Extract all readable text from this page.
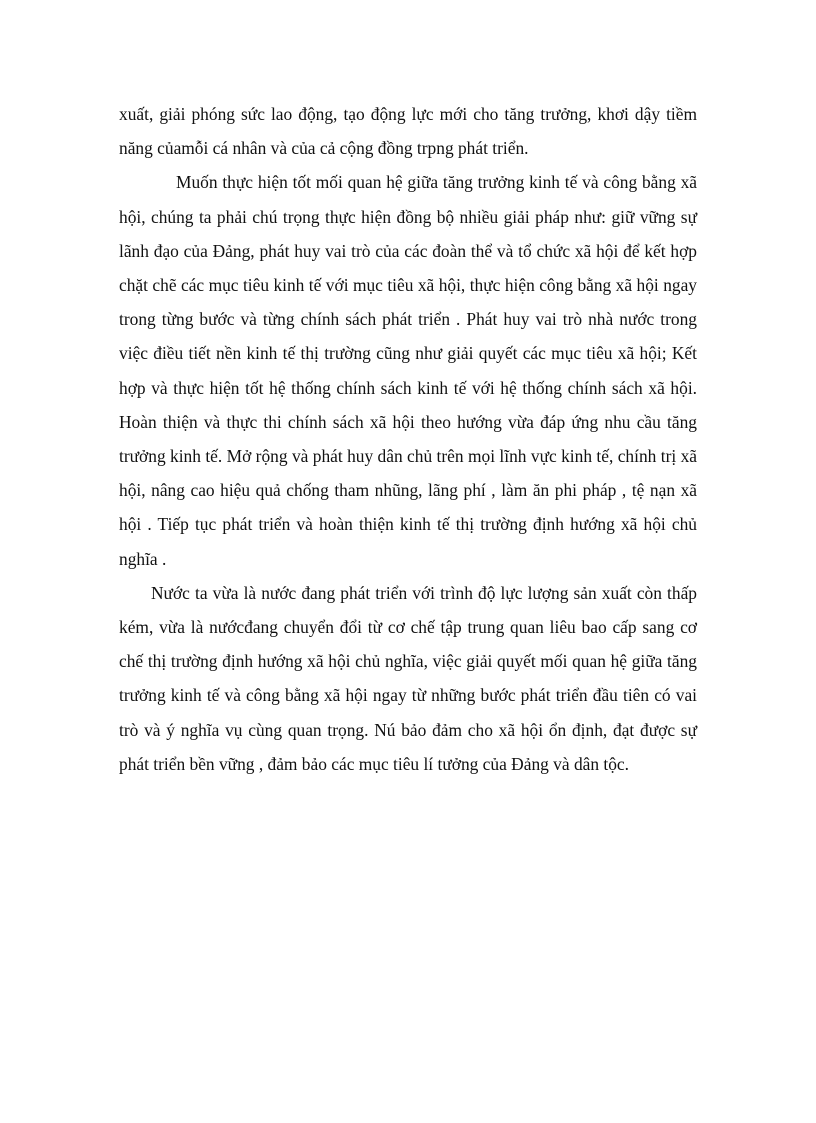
xuất, giải phóng sức lao động, tạo động lực mới cho tăng trưởng, khơi dậy tiềm năng củamỗi cá nhân và của cả cộng đồng trpng phát triển.

Muốn thực hiện tốt mối quan hệ giữa tăng trưởng kinh tế và công bằng xã hội, chúng ta phải chú trọng thực hiện đồng bộ nhiều giải pháp như: giữ vững sự lãnh đạo của Đảng, phát huy vai trò của các đoàn thể và tổ chức xã hội để kết hợp chặt chẽ các mục tiêu kinh tế với mục tiêu xã hội, thực hiện công bằng xã hội ngay trong từng bước và từng chính sách phát triển . Phát huy vai trò nhà nước trong việc điều tiết nền kinh tế thị trường cũng như giải quyết các mục tiêu xã hội; Kết hợp và thực hiện tốt hệ thống chính sách kinh tế với hệ thống chính sách xã hội. Hoàn thiện và thực thi chính sách xã hội theo hướng vừa đáp ứng nhu cầu tăng trưởng kinh tế. Mở rộng và phát huy dân chủ trên mọi lĩnh vực kinh tế, chính trị xã hội, nâng cao hiệu quả chống tham nhũng, lãng phí , làm ăn phi pháp , tệ nạn xã hội . Tiếp tục phát triển và hoàn thiện kinh tế thị trường định hướng xã hội chủ nghĩa .

Nước ta vừa là nước đang phát triển với trình độ lực lượng sản xuất còn thấp kém, vừa là nướcđang chuyển đổi từ cơ chế tập trung quan liêu bao cấp sang cơ chế thị trường định hướng xã hội chủ nghĩa, việc giải quyết mối quan hệ giữa tăng trưởng kinh tế và công bằng xã hội ngay từ những bước phát triển đầu tiên có vai trò và ý nghĩa vụ cùng quan trọng. Nú bảo đảm cho xã hội ổn định, đạt được sự phát triển bền vững , đảm bảo các mục tiêu lí tưởng của Đảng và dân tộc.
